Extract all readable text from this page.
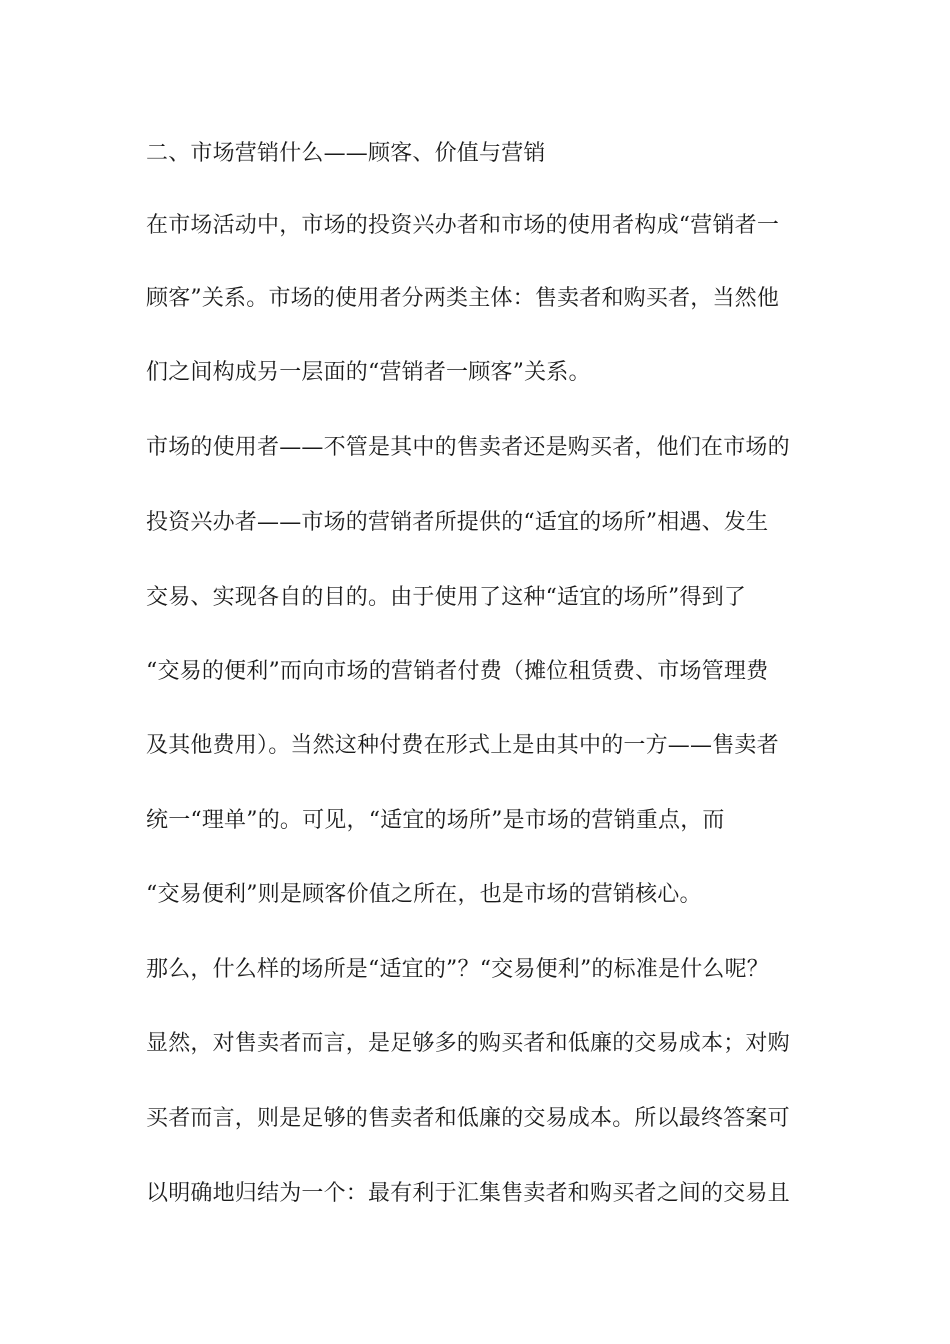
二、市场营销什么——顾客、价值与营销
在市场活动中，市场的投资兴办者和市场的使用者构成“营销者一
顾客”关系。市场的使用者分两类主体：售卖者和购买者，当然他
们之间构成另一层面的“营销者一顾客”关系。
市场的使用者——不管是其中的售卖者还是购买者，他们在市场的
投资兴办者——市场的营销者所提供的“适宜的场所”相遇、发生
交易、实现各自的目的。由于使用了这种“适宜的场所”得到了
“交易的便利”而向市场的营销者付费（摊位租赁费、市场管理费
及其他费用）。当然这种付费在形式上是由其中的一方——售卖者
统一“理单”的。可见，“适宜的场所”是市场的营销重点，而
“交易便利”则是顾客价值之所在，也是市场的营销核心。
那么，什么样的场所是“适宜的”？“交易便利”的标准是什么呢？
显然，对售卖者而言，是足够多的购买者和低廉的交易成本；对购
买者而言，则是足够的售卖者和低廉的交易成本。所以最终答案可
以明确地归结为一个：最有利于汇集售卖者和购买者之间的交易且
